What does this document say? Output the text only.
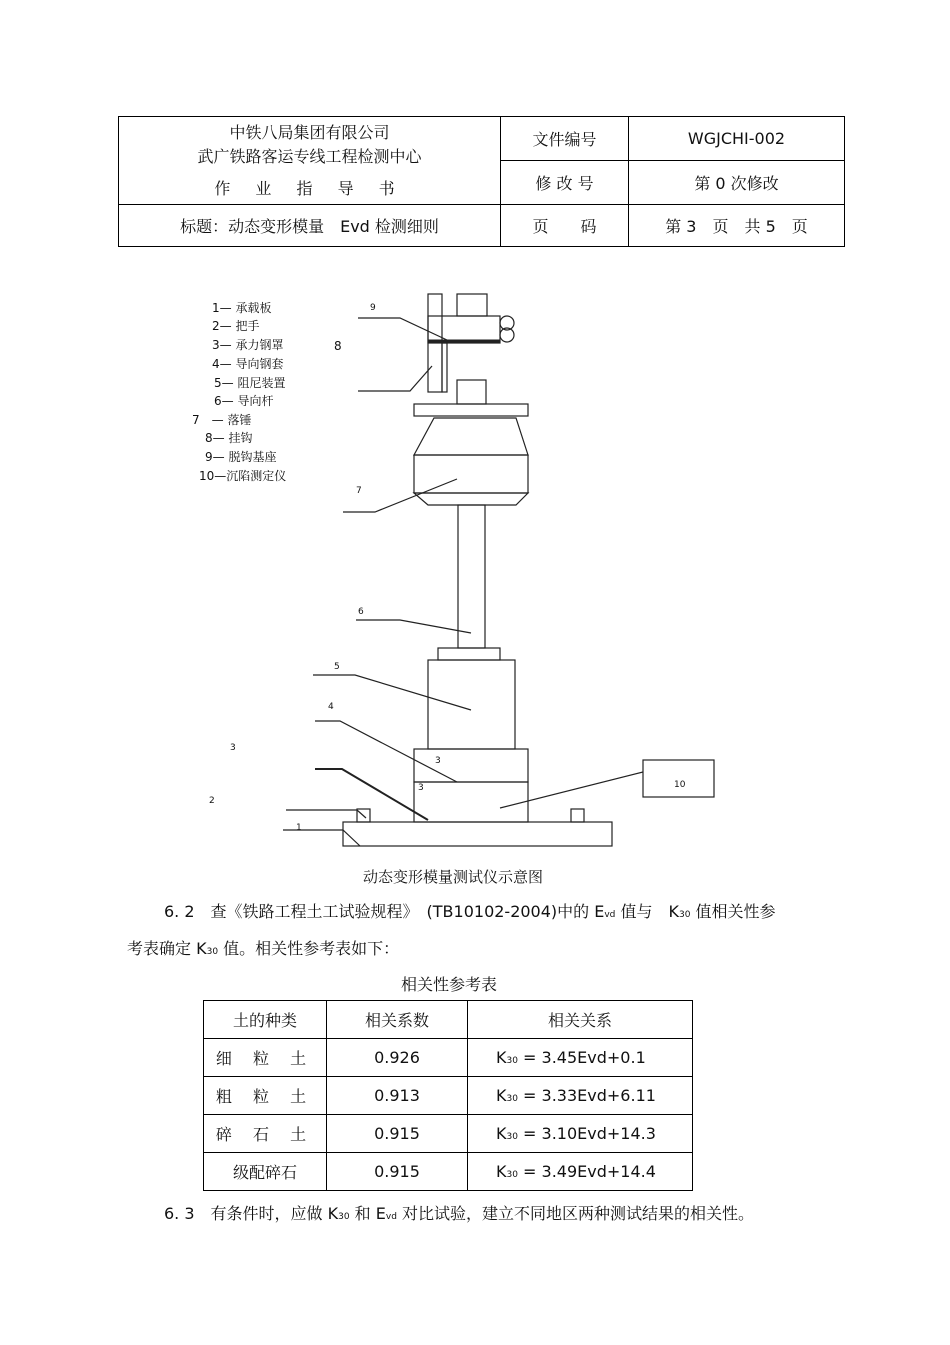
中铁八局集团有限公司
武广铁路客运专线工程检测中心
作 业 指 导 书	文件编号	WGJCHI-002
	修 改 号	第 0 次修改
标题：动态变形模量　Evd 检测细则	页　　码	第 3　页　共 5　页
1— 承载板
2— 把手
3— 承力钢罩
4— 导向钢套
5— 阻尼装置
6— 导向杆
7　— 落锤
8— 挂钩
9— 脱钩基座
10—沉陷测定仪
9
8
7
6
5
4
3
3
3
2
1
10
动态变形模量测试仪示意图
6. 2　查《铁路工程土工试验规程》　(TB10102-2004)中的 Evd 值与　K30 值相关性参
考表确定 K30 值。相关性参考表如下：
相关性参考表
土的种类	相关系数	相关关系
细 粒 土	0.926	K30 = 3.45Evd+0.1
粗 粒 土	0.913	K30 = 3.33Evd+6.11
碎 石 土	0.915	K30 = 3.10Evd+14.3
级配碎石	0.915	K30 = 3.49Evd+14.4
6. 3　有条件时，应做 K30 和 Evd 对比试验，建立不同地区两种测试结果的相关性。
